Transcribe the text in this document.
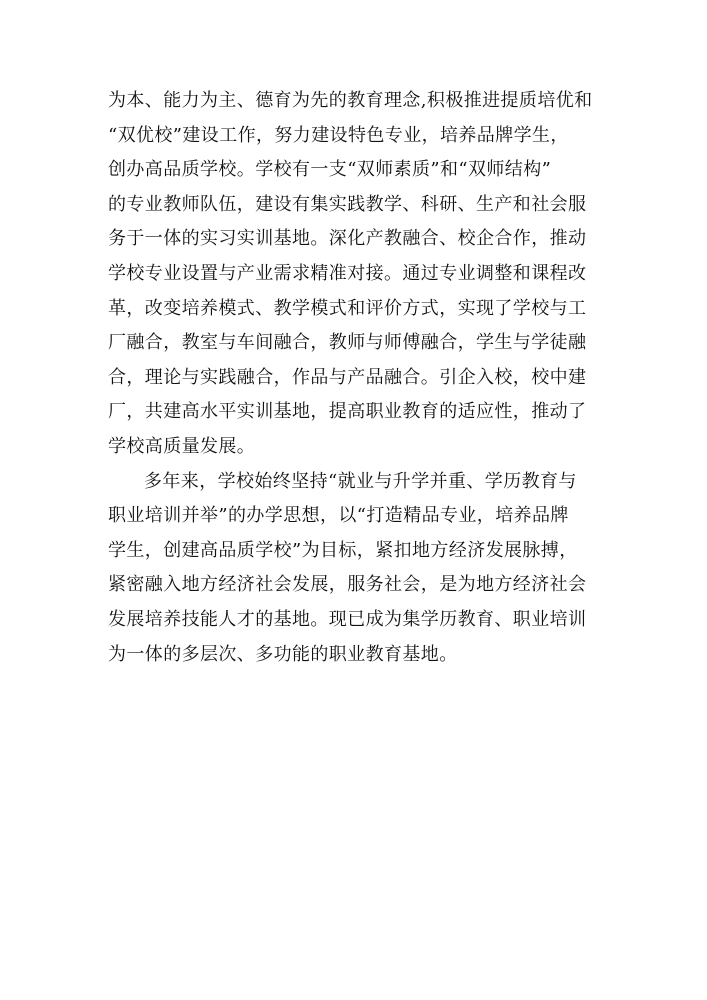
为本、能力为主、德育为先的教育理念,积极推进提质培优和
“双优校”建设工作，努力建设特色专业，培养品牌学生，
创办高品质学校。学校有一支“双师素质”和“双师结构”
的专业教师队伍，建设有集实践教学、科研、生产和社会服
务于一体的实习实训基地。深化产教融合、校企合作，推动
学校专业设置与产业需求精准对接。通过专业调整和课程改
革，改变培养模式、教学模式和评价方式，实现了学校与工
厂融合，教室与车间融合，教师与师傅融合，学生与学徒融
合，理论与实践融合，作品与产品融合。引企入校，校中建
厂，共建高水平实训基地，提高职业教育的适应性，推动了
学校高质量发展。
多年来，学校始终坚持“就业与升学并重、学历教育与
职业培训并举”的办学思想，以“打造精品专业，培养品牌
学生，创建高品质学校”为目标，紧扣地方经济发展脉搏，
紧密融入地方经济社会发展，服务社会，是为地方经济社会
发展培养技能人才的基地。现已成为集学历教育、职业培训
为一体的多层次、多功能的职业教育基地。
